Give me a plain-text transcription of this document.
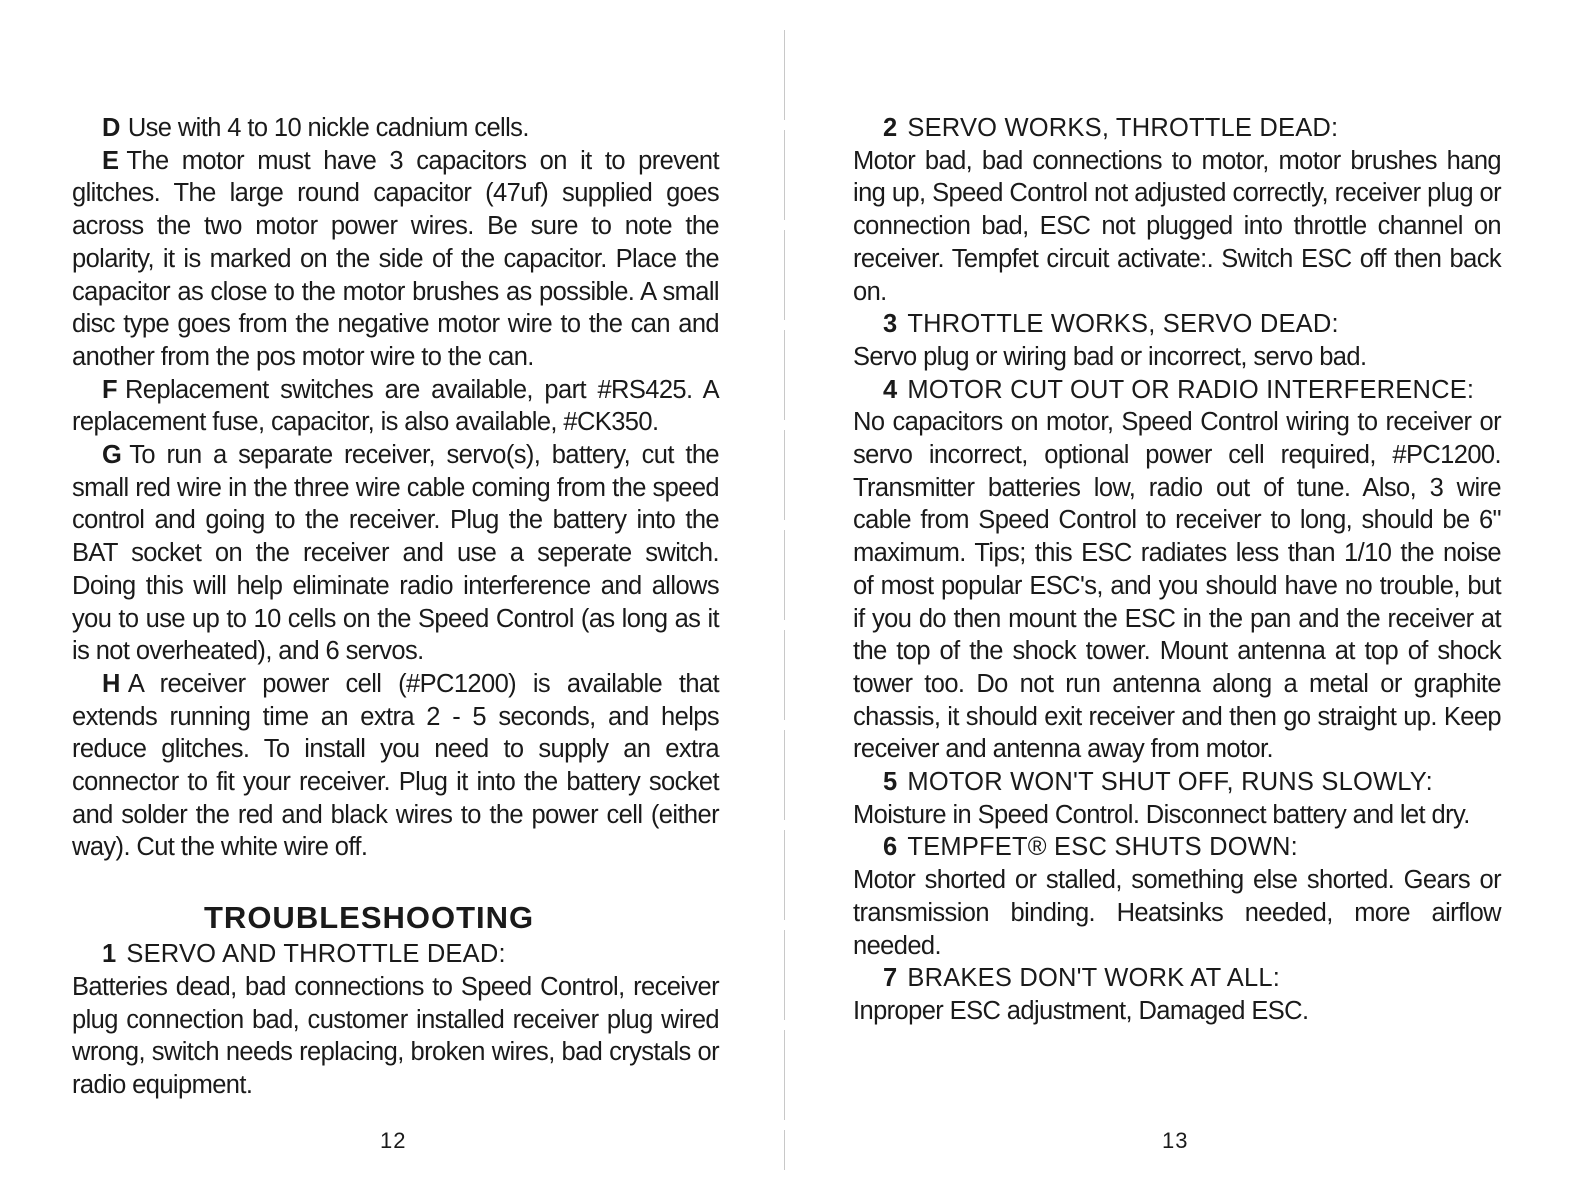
D Use with 4 to 10 nickle cadnium cells.

E The motor must have 3 capacitors on it to prevent glitches. The large round capacitor (47uf) supplied goes across the two motor power wires. Be sure to note the polarity, it is marked on the side of the capacitor. Place the capacitor as close to the motor brushes as possible. A small disc type goes from the negative motor wire to the can and another from the pos motor wire to the can.

F Replacement switches are available, part #RS425. A replacement fuse, capacitor, is also available, #CK350.

G To run a separate receiver, servo(s), battery, cut the small red wire in the three wire cable coming from the speed control and going to the receiver. Plug the battery into the BAT socket on the receiver and use a seperate switch. Doing this will help eliminate radio interference and allows you to use up to 10 cells on the Speed Control (as long as it is not overheated), and 6 servos.

H A receiver power cell (#PC1200) is available that extends running time an extra 2 - 5 seconds, and helps reduce glitches. To install you need to supply an extra connector to fit your receiver. Plug it into the battery socket and solder the red and black wires to the power cell (either way). Cut the white wire off.

TROUBLESHOOTING

1 SERVO AND THROTTLE DEAD:

Batteries dead, bad connections to Speed Control, receiver plug connection bad, customer installed receiver plug wired wrong, switch needs replacing, broken wires, bad crystals or radio equipment.

12

2 SERVO WORKS, THROTTLE DEAD:

Motor bad, bad connections to motor, motor brushes hang ing up, Speed Control not adjusted correctly, receiver plug or connection bad, ESC not plugged into throttle channel on receiver. Tempfet circuit activate:. Switch ESC off then back on.

3 THROTTLE WORKS, SERVO DEAD:

Servo plug or wiring bad or incorrect, servo bad.

4 MOTOR CUT OUT OR RADIO INTERFERENCE:

No capacitors on motor, Speed Control wiring to receiver or servo incorrect, optional power cell required, #PC1200. Transmitter batteries low, radio out of tune. Also, 3 wire cable from Speed Control to receiver to long, should be 6" maximum. Tips; this ESC radiates less than 1/10 the noise of most popular ESC's, and you should have no trouble, but if you do then mount the ESC in the pan and the receiver at the top of the shock tower. Mount antenna at top of shock tower too. Do not run antenna along a metal or graphite chassis, it should exit receiver and then go straight up. Keep receiver and antenna away from motor.

5 MOTOR WON'T SHUT OFF, RUNS SLOWLY:

Moisture in Speed Control. Disconnect battery and let dry.

6 TEMPFET® ESC SHUTS DOWN:

Motor shorted or stalled, something else shorted. Gears or transmission binding. Heatsinks needed, more airflow needed.

7 BRAKES DON'T WORK AT ALL:

Inproper ESC adjustment, Damaged ESC.

13
